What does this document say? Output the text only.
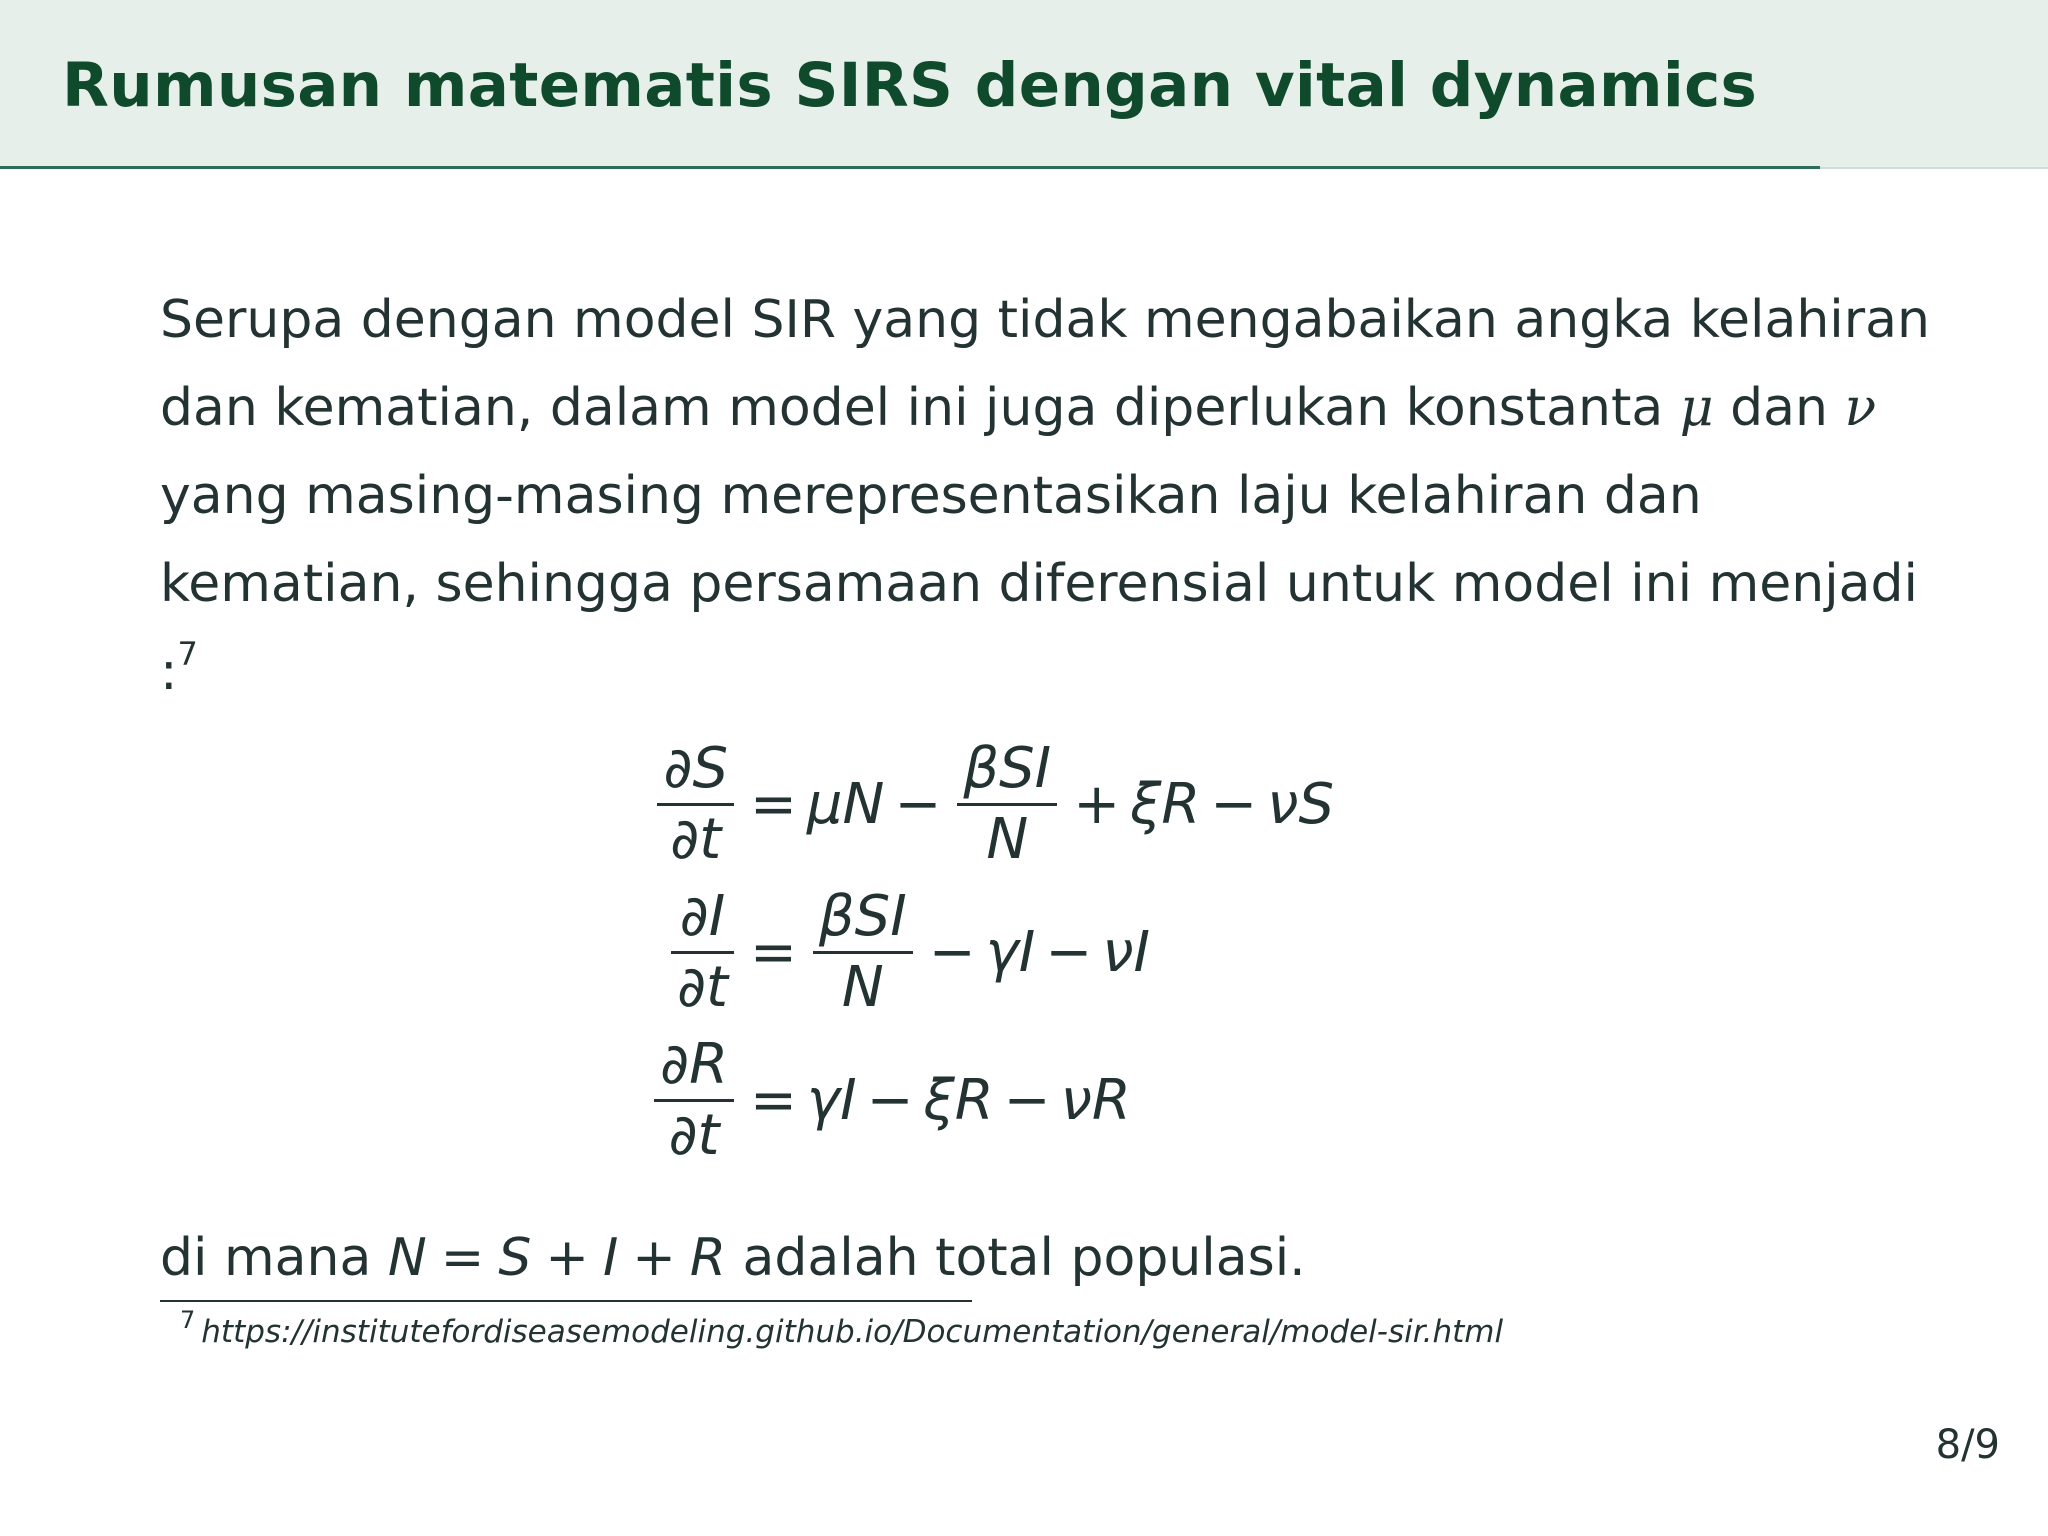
Rumusan matematis SIRS dengan vital dynamics

Serupa dengan model SIR yang tidak mengabaikan angka kelahiran

dan kematian, dalam model ini juga diperlukan konstanta μ dan ν

yang masing-masing merepresentasikan laju kelahiran dan

kematian, sehingga persamaan diferensial untuk model ini menjadi

:$^7$

$\frac{\partial S}{\partial t} = \mu N - \frac{\text{βSI}}{N} + \xi R - \nu S$
$\frac{\partial I}{\partial t} = \frac{\text{βSI}}{N} - \gamma I - \nu I$
$\frac{\partial R}{\partial t} = \gamma I - \xi R - \nu R$
di mana N = S + I + R adalah total populasi.
$^7$ https://institutefordiseasemodeling.github.io/Documentation/general/model-sir.html
8/9
